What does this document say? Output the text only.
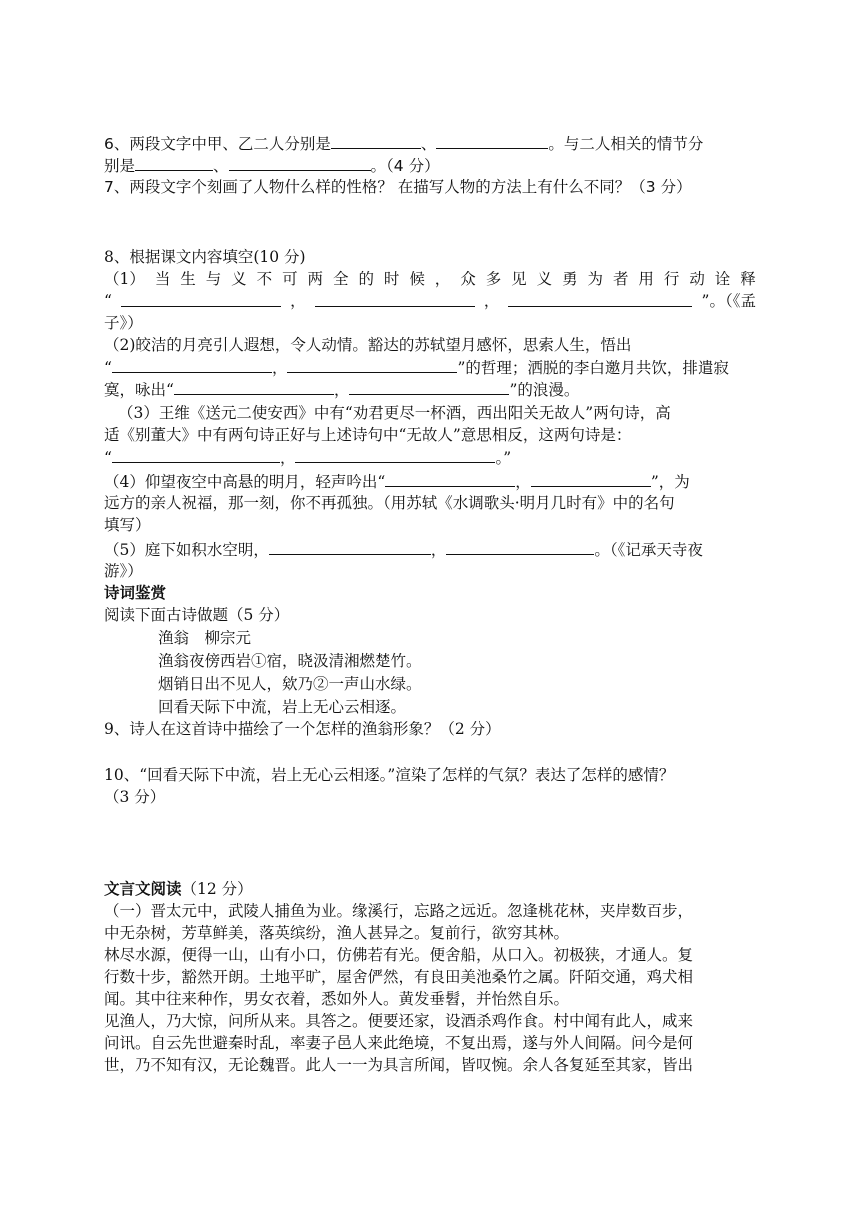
6、两段文字中甲、乙二人分别是	、	。与二人相关的情节分
别是	、	。（4 分）
7、两段文字个刻画了人物什么样的性格？ 在描写人物的方法上有什么不同？（3 分）
8、根据课文内容填空(10 分)
（1） 当 生 与 义 不 可 两 全 的 时 候 ， 众 多 见 义 勇 为 者 用 行 动 诠 释
“	，	，	”。（《孟
子》）
（2)皎洁的月亮引人遐想，令人动情。豁达的苏轼望月感怀，思索人生，悟出
“	，	”的哲理；洒脱的李白邀月共饮，排遣寂
寞，咏出“	，	”的浪漫。
（3）王维《送元二使安西》中有“劝君更尽一杯酒，西出阳关无故人”两句诗，高
适《别董大》中有两句诗正好与上述诗句中“无故人”意思相反，这两句诗是：
“	，	。”
（4）仰望夜空中高悬的明月，轻声吟出“	，	”，为
远方的亲人祝福，那一刻，你不再孤独。（用苏轼《水调歌头·明月几时有》中的名句
填写）
（5）庭下如积水空明，	，	。（《记承天寺夜
游》）
诗词鉴赏
阅读下面古诗做题（5 分）
渔翁　柳宗元
渔翁夜傍西岩①宿，晓汲清湘燃楚竹。
烟销日出不见人，欸乃②一声山水绿。
回看天际下中流，岩上无心云相逐。
9、诗人在这首诗中描绘了一个怎样的渔翁形象？（2 分）
10、“回看天际下中流，岩上无心云相逐。”渲染了怎样的气氛？表达了怎样的感情？
（3 分）
文言文阅读（12 分）
（一）晋太元中，武陵人捕鱼为业。缘溪行，忘路之远近。忽逢桃花林，夹岸数百步，
中无杂树，芳草鲜美，落英缤纷，渔人甚异之。复前行，欲穷其林。
林尽水源，便得一山，山有小口，仿佛若有光。便舍船，从口入。初极狭，才通人。复
行数十步，豁然开朗。土地平旷，屋舍俨然，有良田美池桑竹之属。阡陌交通，鸡犬相
闻。其中往来种作，男女衣着，悉如外人。黄发垂髫，并怡然自乐。
见渔人，乃大惊，问所从来。具答之。便要还家，设酒杀鸡作食。村中闻有此人，咸来
问讯。自云先世避秦时乱，率妻子邑人来此绝境，不复出焉，遂与外人间隔。问今是何
世，乃不知有汉，无论魏晋。此人一一为具言所闻，皆叹惋。余人各复延至其家，皆出
